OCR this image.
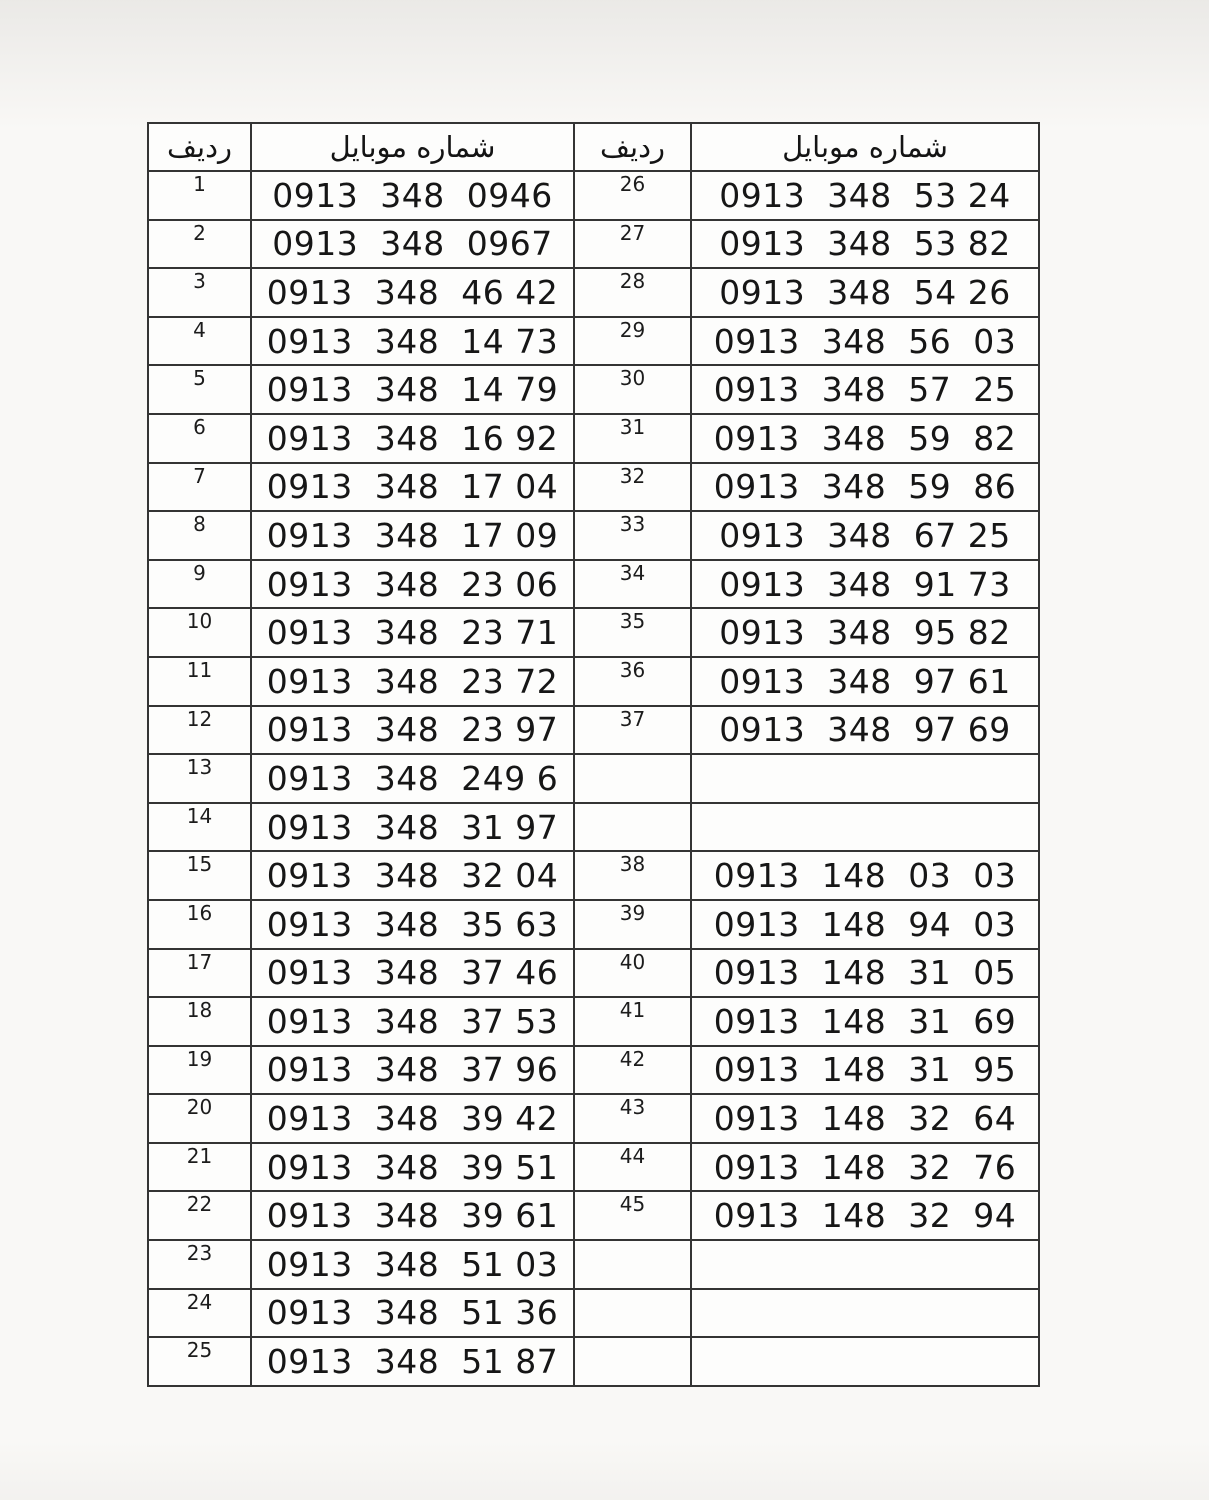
ردیف	شماره موبایل	ردیف	شماره موبایل
1	0913  348  0946	26	0913  348  53 24
2	0913  348  0967	27	0913  348  53 82
3	0913  348  46 42	28	0913  348  54 26
4	0913  348  14 73	29	0913  348  56  03
5	0913  348  14 79	30	0913  348  57  25
6	0913  348  16 92	31	0913  348  59  82
7	0913  348  17 04	32	0913  348  59  86
8	0913  348  17 09	33	0913  348  67 25
9	0913  348  23 06	34	0913  348  91 73
10	0913  348  23 71	35	0913  348  95 82
11	0913  348  23 72	36	0913  348  97 61
12	0913  348  23 97	37	0913  348  97 69
13	0913  348  249 6		
14	0913  348  31 97		
15	0913  348  32 04	38	0913  148  03  03
16	0913  348  35 63	39	0913  148  94  03
17	0913  348  37 46	40	0913  148  31  05
18	0913  348  37 53	41	0913  148  31  69
19	0913  348  37 96	42	0913  148  31  95
20	0913  348  39 42	43	0913  148  32  64
21	0913  348  39 51	44	0913  148  32  76
22	0913  348  39 61	45	0913  148  32  94
23	0913  348  51 03		
24	0913  348  51 36		
25	0913  348  51 87		
